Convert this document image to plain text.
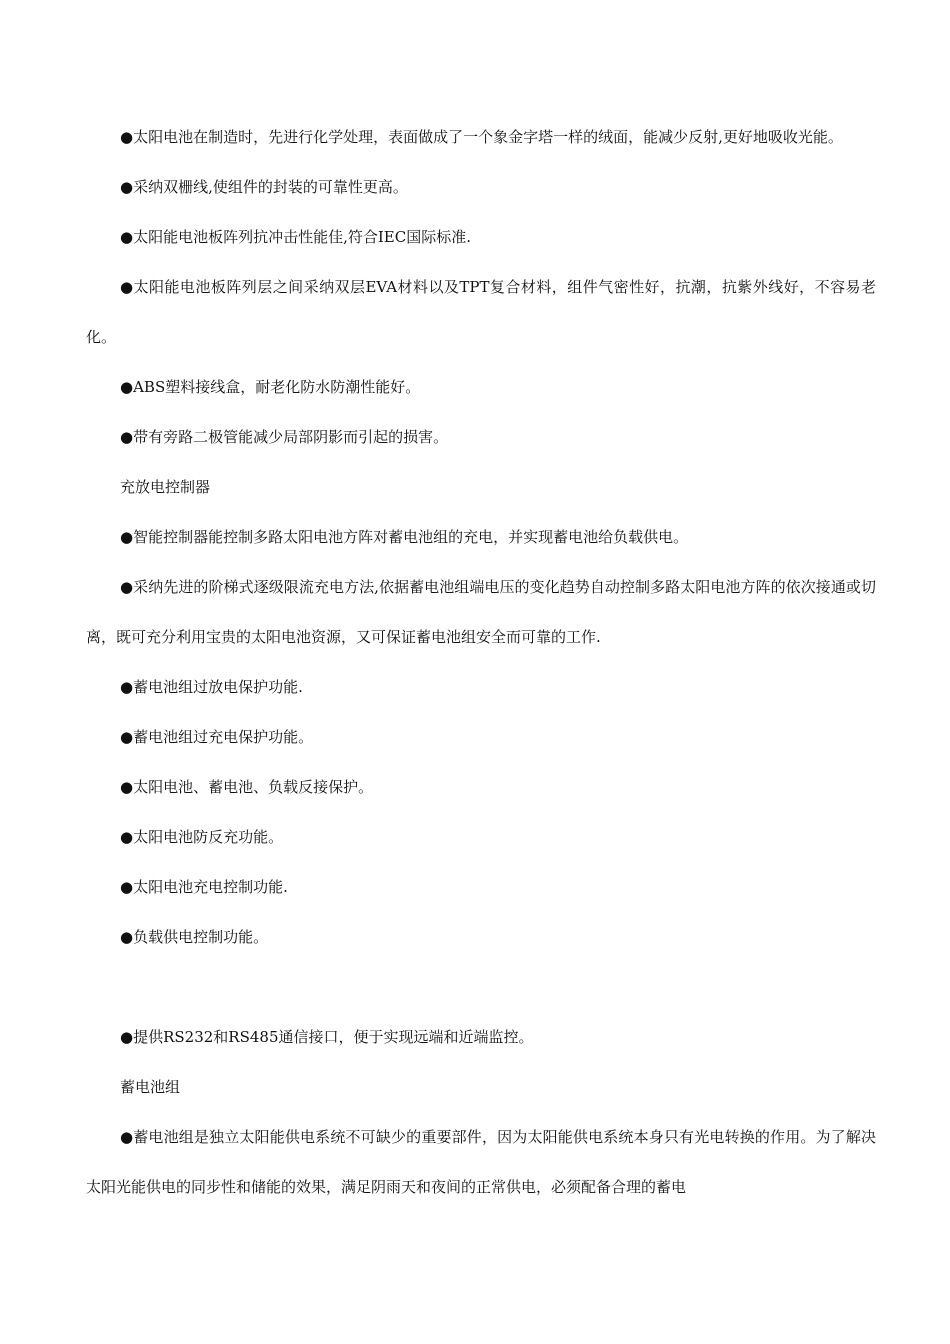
●太阳电池在制造时，先进行化学处理，表面做成了一个象金字塔一样的绒面，能减少反射,更好地吸收光能。

●采纳双栅线,使组件的封装的可靠性更高。

●太阳能电池板阵列抗冲击性能佳,符合IEC国际标准.

●太阳能电池板阵列层之间采纳双层EVA材料以及TPT复合材料，组件气密性好，抗潮，抗紫外线好，不容易老化。

●ABS塑料接线盒，耐老化防水防潮性能好。

●带有旁路二极管能减少局部阴影而引起的损害。

充放电控制器

●智能控制器能控制多路太阳电池方阵对蓄电池组的充电，并实现蓄电池给负载供电。

●采纳先进的阶梯式逐级限流充电方法,依据蓄电池组端电压的变化趋势自动控制多路太阳电池方阵的依次接通或切离，既可充分利用宝贵的太阳电池资源，又可保证蓄电池组安全而可靠的工作.

●蓄电池组过放电保护功能.

●蓄电池组过充电保护功能。

●太阳电池、蓄电池、负载反接保护。

●太阳电池防反充功能。

●太阳电池充电控制功能.

●负载供电控制功能。

●提供RS232和RS485通信接口，便于实现远端和近端监控。

蓄电池组

●蓄电池组是独立太阳能供电系统不可缺少的重要部件，因为太阳能供电系统本身只有光电转换的作用。为了解决太阳光能供电的同步性和储能的效果，满足阴雨天和夜间的正常供电，必须配备合理的蓄电
